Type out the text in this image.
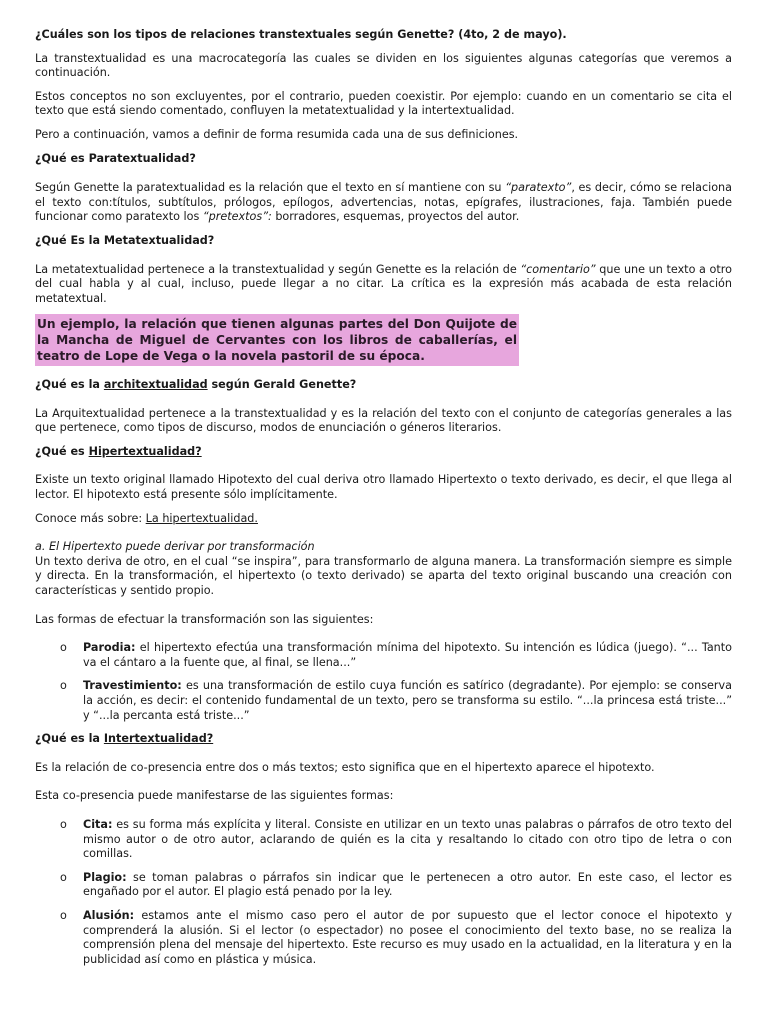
¿Cuáles son los tipos de relaciones transtextuales según Genette? (4to, 2 de mayo).

La transtextualidad es una macrocategoría las cuales se dividen en los siguientes algunas categorías que veremos a continuación.

Estos conceptos no son excluyentes, por el contrario, pueden coexistir. Por ejemplo: cuando en un comentario se cita el texto que está siendo comentado, confluyen la metatextualidad y la intertextualidad.

Pero a continuación, vamos a definir de forma resumida cada una de sus definiciones.

¿Qué es Paratextualidad?

Según Genette la paratextualidad es la relación que el texto en sí mantiene con su “paratexto”, es decir, cómo se relaciona el texto con:títulos, subtítulos, prólogos, epílogos, advertencias, notas, epígrafes, ilustraciones, faja. También puede funcionar como paratexto los “pretextos”: borradores, esquemas, proyectos del autor.

¿Qué Es la Metatextualidad?

La metatextualidad pertenece a la transtextualidad y según Genette es la relación de “comentario” que une un texto a otro del cual habla y al cual, incluso, puede llegar a no citar. La crítica es la expresión más acabada de esta relación metatextual.

Un ejemplo, la relación que tienen algunas partes del Don Quijote de la Mancha de Miguel de Cervantes con los libros de caballerías, el teatro de Lope de Vega o la novela pastoril de su época.

¿Qué es la architextualidad según Gerald Genette?

La Arquitextualidad pertenece a la transtextualidad y es la relación del texto con el conjunto de categorías generales a las que pertenece, como tipos de discurso, modos de enunciación o géneros literarios.

¿Qué es Hipertextualidad?

Existe un texto original llamado Hipotexto del cual deriva otro llamado Hipertexto o texto derivado, es decir, el que llega al lector. El hipotexto está presente sólo implícitamente.

Conoce más sobre: La hipertextualidad.

a. El Hipertexto puede derivar por transformación

Un texto deriva de otro, en el cual “se inspira”, para transformarlo de alguna manera. La transformación siempre es simple y directa. En la transformación, el hipertexto (o texto derivado) se aparta del texto original buscando una creación con características y sentido propio.

Las formas de efectuar la transformación son las siguientes:

o Parodia: el hipertexto efectúa una transformación mínima del hipotexto. Su intención es lúdica (juego). “... Tanto va el cántaro a la fuente que, al final, se llena...”
o Travestimiento: es una transformación de estilo cuya función es satírico (degradante). Por ejemplo: se conserva la acción, es decir: el contenido fundamental de un texto, pero se transforma su estilo. “...la princesa está triste...” y “...la percanta está triste...”

¿Qué es la Intertextualidad?

Es la relación de co-presencia entre dos o más textos; esto significa que en el hipertexto aparece el hipotexto.

Esta co-presencia puede manifestarse de las siguientes formas:

o Cita: es su forma más explícita y literal. Consiste en utilizar en un texto unas palabras o párrafos de otro texto del mismo autor o de otro autor, aclarando de quién es la cita y resaltando lo citado con otro tipo de letra o con comillas.
o Plagio: se toman palabras o párrafos sin indicar que le pertenecen a otro autor. En este caso, el lector es engañado por el autor. El plagio está penado por la ley.
o Alusión: estamos ante el mismo caso pero el autor de por supuesto que el lector conoce el hipotexto y comprenderá la alusión. Si el lector (o espectador) no posee el conocimiento del texto base, no se realiza la comprensión plena del mensaje del hipertexto. Este recurso es muy usado en la actualidad, en la literatura y en la publicidad así como en plástica y música.
